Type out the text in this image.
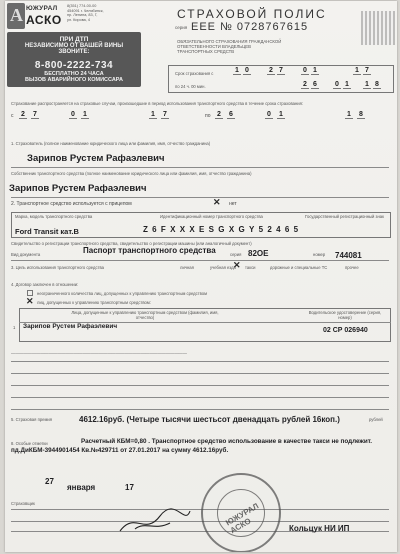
А ЮЖУРАЛ
АСКО
8(351) 774-00-00
454091 г. Челябинск,
пр. Ленина, 83, Г,
ул. Кирова, 4
ПРИ ДТП
НЕЗАВИСИМО ОТ ВАШЕЙ ВИНЫ
ЗВОНИТЕ:
8-800-2222-734
БЕСПЛАТНО 24 ЧАСА
ВЫЗОВ АВАРИЙНОГО КОМИССАРА
СТРАХОВОЙ ПОЛИС
серия ЕЕЕ № 0728767615
ОБЯЗАТЕЛЬНОГО СТРАХОВАНИЯ ГРАЖДАНСКОЙ ОТВЕТСТВЕННОСТИ ВЛАДЕЛЬЦЕВ ТРАНСПОРТНЫХ СРЕДСТВ
Срок страхования с
по 24 ч. 00 мин.
1 0	2 7	0 1	1 7
2 6	0 1 1 8
Страхование распространяется на страховые случаи, произошедшие в период использования транспортного средства в течение срока страхования:
с 2 7	0 1	1 7	по 2 6	0 1	1 8
1. Страхователь (полное наименование юридического лица или фамилия, имя, отчество гражданина)
Зарипов Рустем Рафаэлевич
Собственник транспортного средства (полное наименование юридического лица или фамилия, имя, отчество гражданина)
Зарипов Рустем Рафаэлевич
2. Транспортное средство используется с прицепом	✕ нет
Марка, модель транспортного средства
Ford Transit кат.В
Идентификационный номер транспортного средства
Z6FXXXESGXGY52465
Государственный регистрационный знак
Свидетельство о регистрации транспортного средства, свидетельство о регистрации машины (или аналогичный документ)
Вид документа	Паспорт транспортного средства	серия 82ОЕ	номер 744081
3. Цель использования транспортного средства	личная	учебная езда такси	дорожные и специальные ТС	прочее
✕
4. Договор заключен в отношении:
неограниченного количества лиц, допущенных к управлению транспортным средством
✕ лиц, допущенных к управлению транспортным средством:
Лица, допущенные к управлению транспортным средством (фамилия, имя, отчество)
Водительское удостоверение (серия, номер)
1 Зарипов Рустем Рафаэлевич
02 СР 026940
——————————————————————————————————————————
5. Страховая премия	4612.16руб. (Четыре тысячи шестьсот двенадцать рублей 16коп.)	рублей
8. Особые отметки	Расчетный КБМ=0,80 . Транспортное средство использование в качестве такси не подлежит. пд.ДиКБМ-3944901454 Кв.№429711 от 27.01.2017 на сумму 4612.16руб.
27
января	17
Страховщик	ЮЖУРАЛ АСКО	Кольцук НИ ИП
